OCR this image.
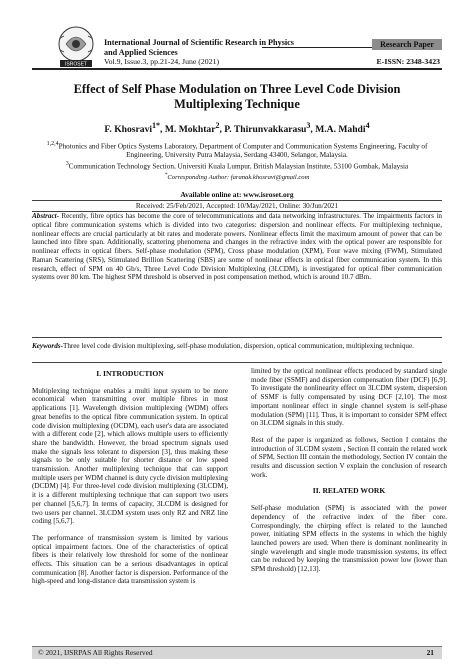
ISROSET
International Journal of Scientific Research in Physics and Applied Sciences
Research Paper
Vol.9, Issue.3, pp.21-24, June (2021)	E-ISSN: 2348-3423
Effect of Self Phase Modulation on Three Level Code Division Multiplexing Technique
F. Khosravi$^{1*}$, M. Mokhtar$^2$, P. Thirunvakkarasu$^3$, M.A. Mahdi$^4$
$^{1,2,4}$Photonics and Fiber Optics Systems Laboratory, Department of Computer and Communication Systems Engineering, Faculty of Engineering, University Putra Malaysia, Serdang 43400, Selangor, Malaysia.
$^3$Communication Technology Section, Universiti Kuala Lumpur, British Malaysian Institute, 53100 Gombak, Malaysia
*Corresponding Author: faranak.khosravi@gmail.com
Available online at: www.isroset.org
Received: 25/Feb/2021, Accepted: 10/May/2021, Online: 30/Jun/2021
Abstract- Recently, fibre optics has become the core of telecommunications and data networking infrastructures. The impairments factors in optical fibre communication systems which is divided into two categories: dispersion and nonlinear effects. For multiplexing technique, nonlinear effects are crucial particularly at bit rates and moderate powers. Nonlinear effects limit the maximum amount of power that can be launched into fibre span. Additionally, scattering phenomena and changes in the refractive index with the optical power are responsible for nonlinear effects in optical fibers. Self-phase modulation (SPM), Cross phase modulation (XPM), Four wave mixing (FWM), Stimulated Raman Scattering (SRS), Stimulated Brillion Scattering (SBS) are some of nonlinear effects in optical fiber communication system. In this research, effect of SPM on 40 Gb/s, Three Level Code Division Multiplexing (3LCDM), is investigated for optical fiber communication systems over 80 km. The highest SPM threshold is observed in post compensation method, which is around 10.7 dBm.
Keywords-Three level code division multiplexing, self-phase modulation, dispersion, optical communication, multiplexing technique.
I. INTRODUCTION

Multiplexing technique enables a multi input system to be more economical when transmitting over multiple fibres in most applications [1]. Wavelength division multiplexing (WDM) offers great benefits to the optical fibre communication system. In optical code division multiplexing (OCDM), each user's data are associated with a different code [2], which allows multiple users to efficiently share the bandwidth. However, the broad spectrum signals used make the signals less tolerant to dispersion [3], thus making these signals to be only suitable for shorter distance or low speed transmission. Another multiplexing technique that can support multiple users per WDM channel is duty cycle division multiplexing (DCDM) [4]. For three-level code division multiplexing (3LCDM), it is a different multiplexing technique that can support two users per channel [5,6,7]. In terms of capacity, 3LCDM is designed for two users per channel. 3LCDM system uses only RZ and NRZ line coding [5,6,7].

The performance of transmission system is limited by various optical impairment factors. One of the characteristics of optical fibers is their relatively low threshold for some of the nonlinear effects. This situation can be a serious disadvantages in optical communication [8]. Another factor is dispersion. Performance of the high-speed and long-distance data transmission system is

limited by the optical nonlinear effects produced by standard single mode fiber (SSMF) and dispersion compensation fiber (DCF) [6,9]. To investigate the nonlinearity effect on 3LCDM system, dispersion of SSMF is fully compensated by using DCF [2,10]. The most important nonlinear effect in single channel system is self-phase modulation (SPM) [11]. Thus, it is important to consider SPM effect on 3LCDM signals in this study.

Rest of the paper is organized as follows, Section I contains the introduction of 3LCDM system , Section II contain the related work of SPM, Section III contain the methodology, Section IV contain the results and discussion section V explain the conclusion of research work.

II. RELATED WORK

Self-phase modulation (SPM) is associated with the power dependency of the refractive index of the fiber core. Correspondingly, the chirping effect is related to the launched power, initiating SPM effects in the systems in which the highly launched powers are used. When there is dominant nonlinearity in single wavelength and single mode transmission systems, its effect can be reduced by keeping the transmission power low (lower than SPM threshold) [12,13].

© 2021, IJSRPAS All Rights Reserved	21
